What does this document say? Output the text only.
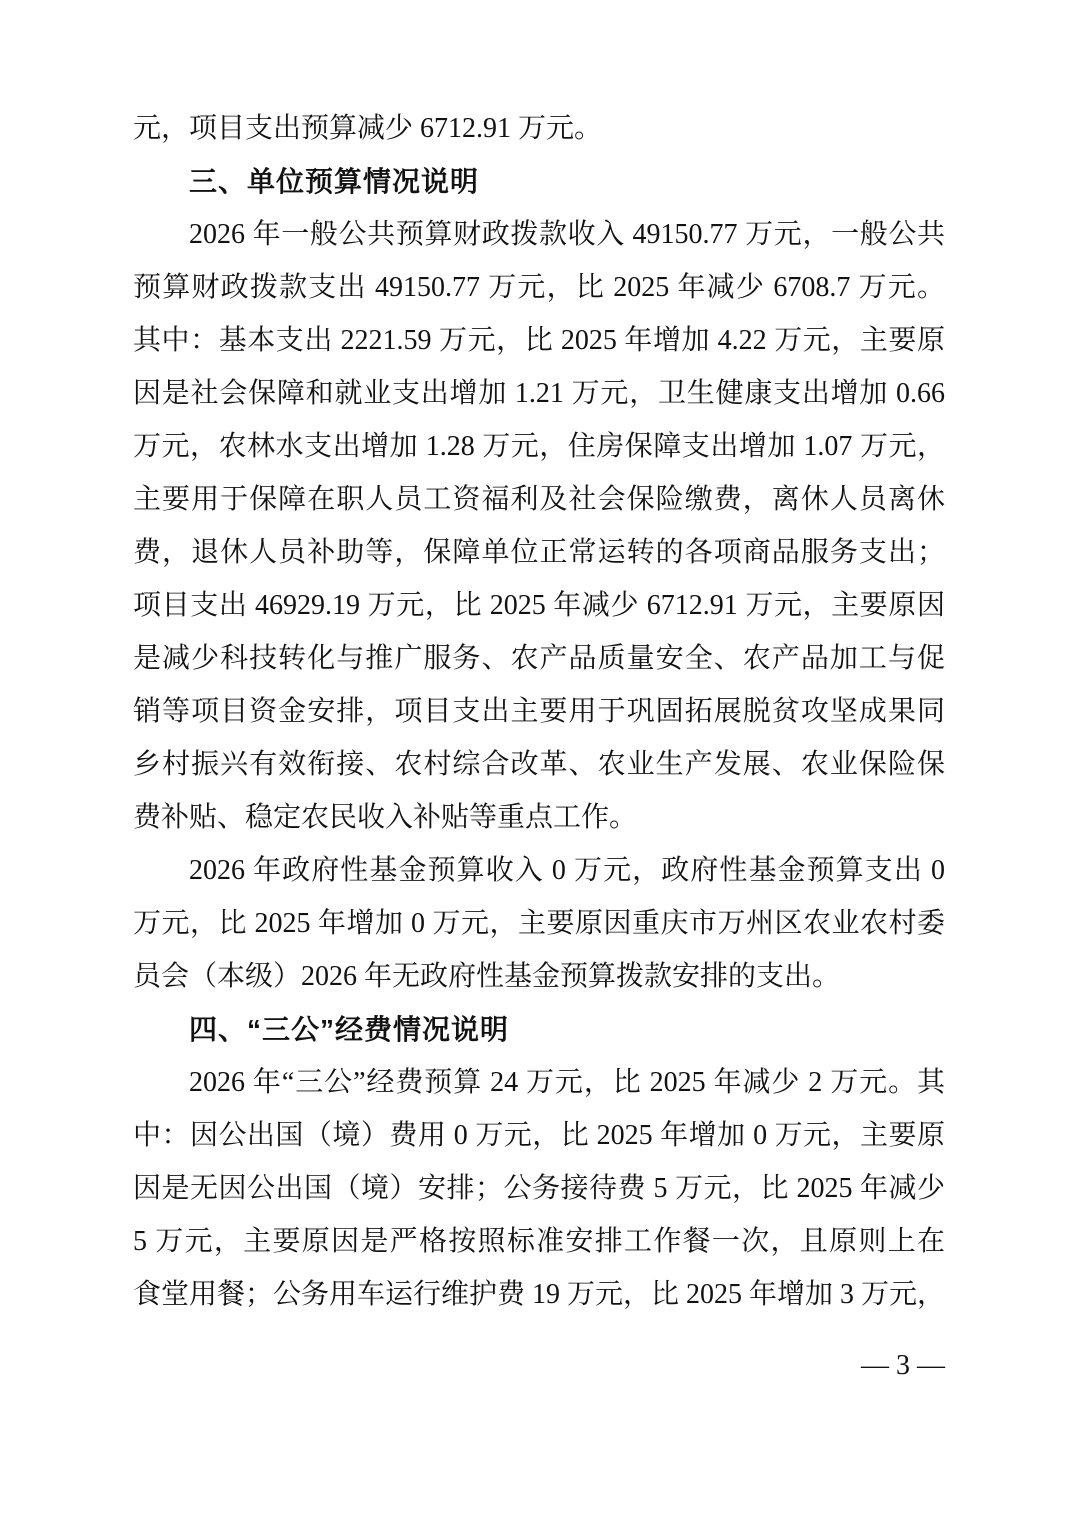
元，项目支出预算减少 6712.91 万元。
三、单位预算情况说明
2026 年一般公共预算财政拨款收入 49150.77 万元，一般公共
预算财政拨款支出 49150.77 万元，比 2025 年减少 6708.7 万元。
其中：基本支出 2221.59 万元，比 2025 年增加 4.22 万元，主要原
因是社会保障和就业支出增加 1.21 万元，卫生健康支出增加 0.66
万元，农林水支出增加 1.28 万元，住房保障支出增加 1.07 万元，
主要用于保障在职人员工资福利及社会保险缴费，离休人员离休
费，退休人员补助等，保障单位正常运转的各项商品服务支出；
项目支出 46929.19 万元，比 2025 年减少 6712.91 万元，主要原因
是减少科技转化与推广服务、农产品质量安全、农产品加工与促
销等项目资金安排，项目支出主要用于巩固拓展脱贫攻坚成果同
乡村振兴有效衔接、农村综合改革、农业生产发展、农业保险保
费补贴、稳定农民收入补贴等重点工作。
2026 年政府性基金预算收入 0 万元，政府性基金预算支出 0
万元，比 2025 年增加 0 万元，主要原因重庆市万州区农业农村委
员会（本级）2026 年无政府性基金预算拨款安排的支出。
四、“三公”经费情况说明
2026 年“三公”经费预算 24 万元，比 2025 年减少 2 万元。其
中：因公出国（境）费用 0 万元，比 2025 年增加 0 万元，主要原
因是无因公出国（境）安排；公务接待费 5 万元，比 2025 年减少
5 万元，主要原因是严格按照标准安排工作餐一次，且原则上在
食堂用餐；公务用车运行维护费 19 万元，比 2025 年增加 3 万元，
— 3 —
